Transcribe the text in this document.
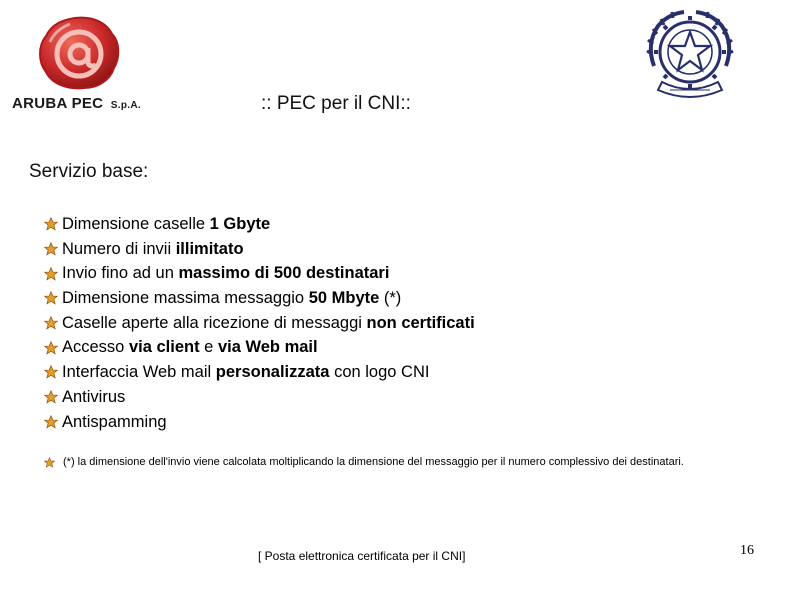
ARUBA PEC S.p.A.	:: PEC per il CNI::
Servizio base:
Dimensione caselle 1 Gbyte
Numero di invii illimitato
Invio fino ad un massimo di 500 destinatari
Dimensione massima messaggio 50 Mbyte (*)
Caselle aperte alla ricezione di messaggi non certificati
Accesso via client e via Web mail
Interfaccia Web mail personalizzata con logo CNI
Antivirus
Antispamming
(*) la dimensione dell'invio viene calcolata moltiplicando la dimensione del messaggio per il numero complessivo dei destinatari.
[ Posta elettronica certificata per il CNI]	16
